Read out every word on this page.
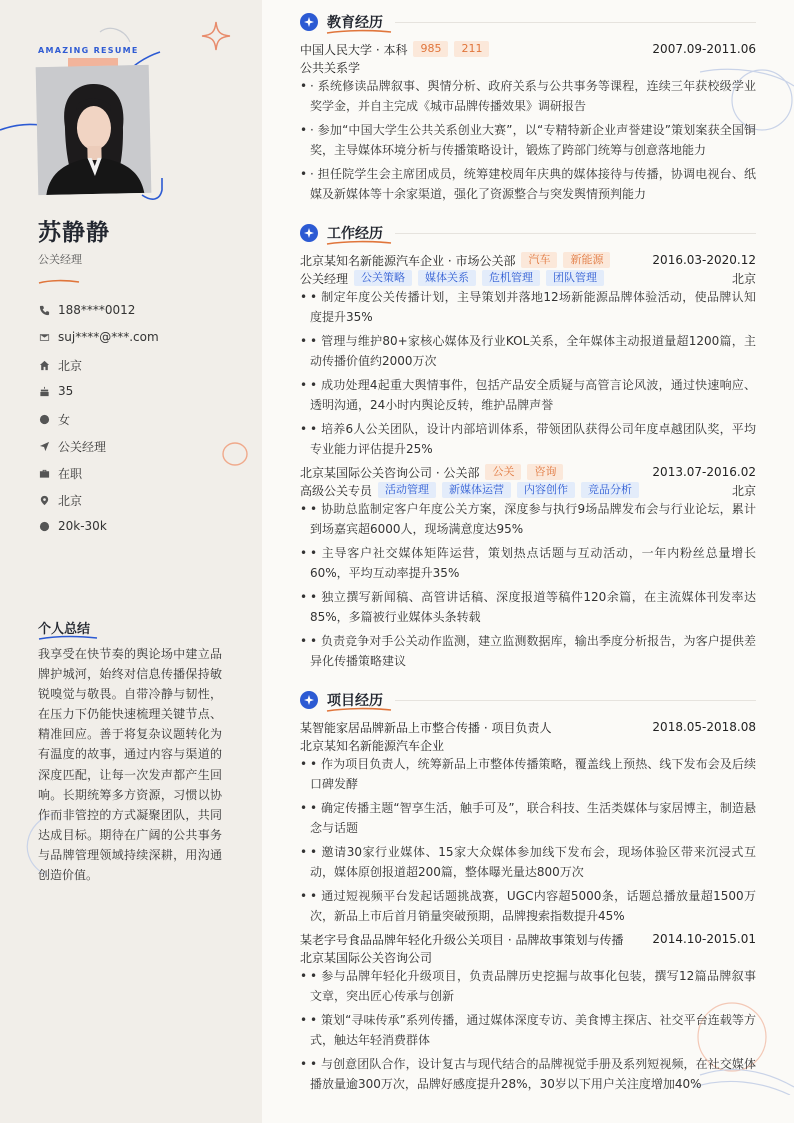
AMAZING RESUME
苏静静
公关经理
188****0012
suj****@***.com
北京
35
女
公关经理
在职
北京
20k-30k
个人总结
我享受在快节奏的舆论场中建立品牌护城河，始终对信息传播保持敏锐嗅觉与敬畏。自带冷静与韧性，在压力下仍能快速梳理关键节点、精准回应。善于将复杂议题转化为有温度的故事，通过内容与渠道的深度匹配，让每一次发声都产生回响。长期统筹多方资源，习惯以协作而非管控的方式凝聚团队，共同达成目标。期待在广阔的公共事务与品牌管理领域持续深耕，用沟通创造价值。
教育经历
中国人民大学 · 本科	985	211	2007.09-2011.06
公共关系学
• · 系统修读品牌叙事、舆情分析、政府关系与公共事务等课程，连续三年获校级学业奖学金，并自主完成《城市品牌传播效果》调研报告
• · 参加“中国大学生公共关系创业大赛”，以“专精特新企业声誉建设”策划案获全国铜奖，主导媒体环境分析与传播策略设计，锻炼了跨部门统筹与创意落地能力
• · 担任院学生会主席团成员，统筹建校周年庆典的媒体接待与传播，协调电视台、纸媒及新媒体等十余家渠道，强化了资源整合与突发舆情预判能力
工作经历
北京某知名新能源汽车企业 · 市场公关部	汽车	新能源	2016.03-2020.12
公关经理	公关策略	媒体关系	危机管理	团队管理	北京
• • 制定年度公关传播计划，主导策划并落地12场新能源品牌体验活动，使品牌认知度提升35%
• • 管理与维护80+家核心媒体及行业KOL关系，全年媒体主动报道量超1200篇，主动传播价值约2000万次
• • 成功处理4起重大舆情事件，包括产品安全质疑与高管言论风波，通过快速响应、透明沟通，24小时内舆论反转，维护品牌声誉
• • 培养6人公关团队，设计内部培训体系，带领团队获得公司年度卓越团队奖，平均专业能力评估提升25%
北京某国际公关咨询公司 · 公关部	公关	咨询	2013.07-2016.02
高级公关专员	活动管理	新媒体运营	内容创作	竞品分析	北京
• • 协助总监制定客户年度公关方案，深度参与执行9场品牌发布会与行业论坛，累计到场嘉宾超6000人，现场满意度达95%
• • 主导客户社交媒体矩阵运营，策划热点话题与互动活动，一年内粉丝总量增长60%，平均互动率提升35%
• • 独立撰写新闻稿、高管讲话稿、深度报道等稿件120余篇，在主流媒体刊发率达85%，多篇被行业媒体头条转载
• • 负责竞争对手公关动作监测，建立监测数据库，输出季度分析报告，为客户提供差异化传播策略建议
项目经历
某智能家居品牌新品上市整合传播 · 项目负责人	2018.05-2018.08
北京某知名新能源汽车企业
• • 作为项目负责人，统筹新品上市整体传播策略，覆盖线上预热、线下发布会及后续口碑发酵
• • 确定传播主题“智享生活，触手可及”，联合科技、生活类媒体与家居博主，制造悬念与话题
• • 邀请30家行业媒体、15家大众媒体参加线下发布会，现场体验区带来沉浸式互动，媒体原创报道超200篇，整体曝光量达800万次
• • 通过短视频平台发起话题挑战赛，UGC内容超5000条，话题总播放量超1500万次，新品上市后首月销量突破预期，品牌搜索指数提升45%
某老字号食品品牌年轻化升级公关项目 · 品牌故事策划与传播 2014.10-2015.01
北京某国际公关咨询公司
• • 参与品牌年轻化升级项目，负责品牌历史挖掘与故事化包装，撰写12篇品牌叙事文章，突出匠心传承与创新
• • 策划“寻味传承”系列传播，通过媒体深度专访、美食博主探店、社交平台连载等方式，触达年轻消费群体
• • 与创意团队合作，设计复古与现代结合的品牌视觉手册及系列短视频，在社交媒体播放量逾300万次，品牌好感度提升28%，30岁以下用户关注度增加40%
